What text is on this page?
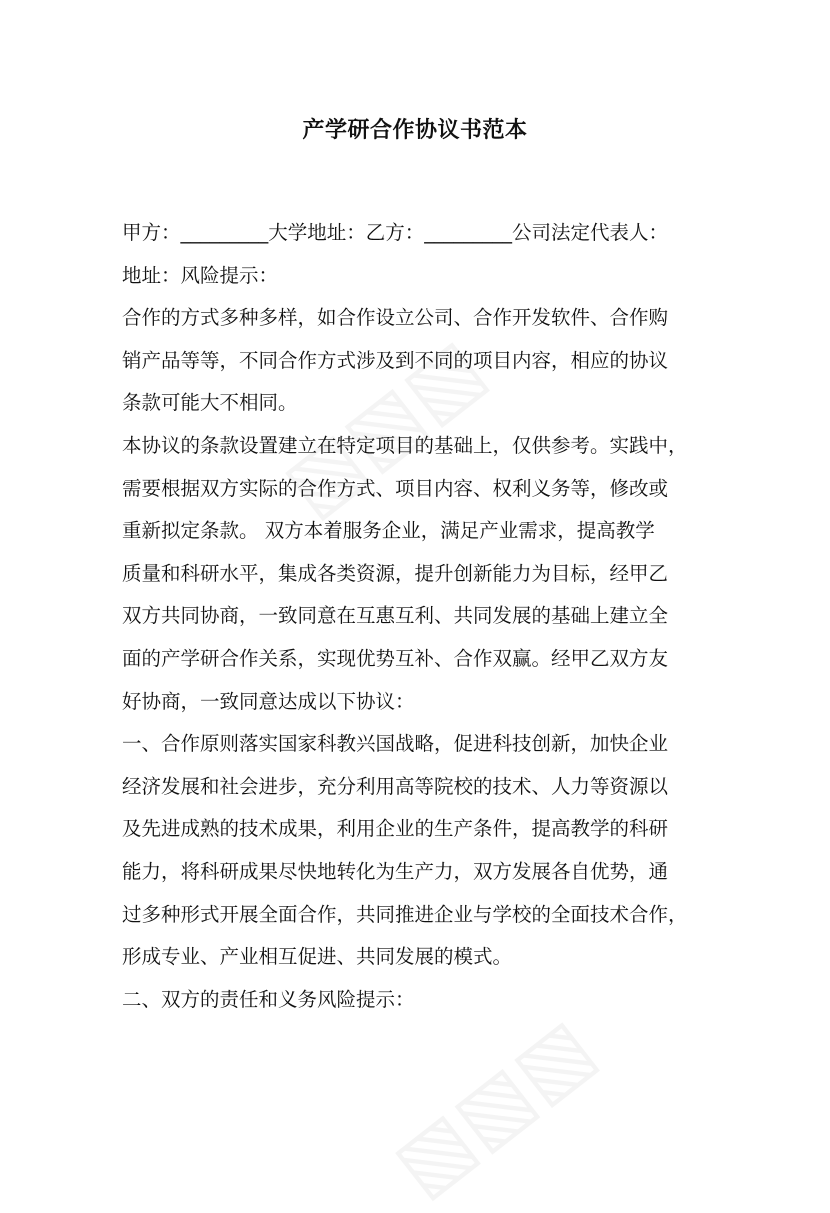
产学研合作协议书范本
甲方：_________大学地址：乙方：_________公司法定代表人：
地址：风险提示：
合作的方式多种多样，如合作设立公司、合作开发软件、合作购
销产品等等，不同合作方式涉及到不同的项目内容，相应的协议
条款可能大不相同。
本协议的条款设置建立在特定项目的基础上，仅供参考。实践中，
需要根据双方实际的合作方式、项目内容、权利义务等，修改或
重新拟定条款。 双方本着服务企业，满足产业需求，提高教学
质量和科研水平，集成各类资源，提升创新能力为目标，经甲乙
双方共同协商，一致同意在互惠互利、共同发展的基础上建立全
面的产学研合作关系，实现优势互补、合作双赢。经甲乙双方友
好协商，一致同意达成以下协议：
一、合作原则落实国家科教兴国战略，促进科技创新，加快企业
经济发展和社会进步，充分利用高等院校的技术、人力等资源以
及先进成熟的技术成果，利用企业的生产条件，提高教学的科研
能力，将科研成果尽快地转化为生产力，双方发展各自优势，通
过多种形式开展全面合作，共同推进企业与学校的全面技术合作，
形成专业、产业相互促进、共同发展的模式。
二、双方的责任和义务风险提示：
